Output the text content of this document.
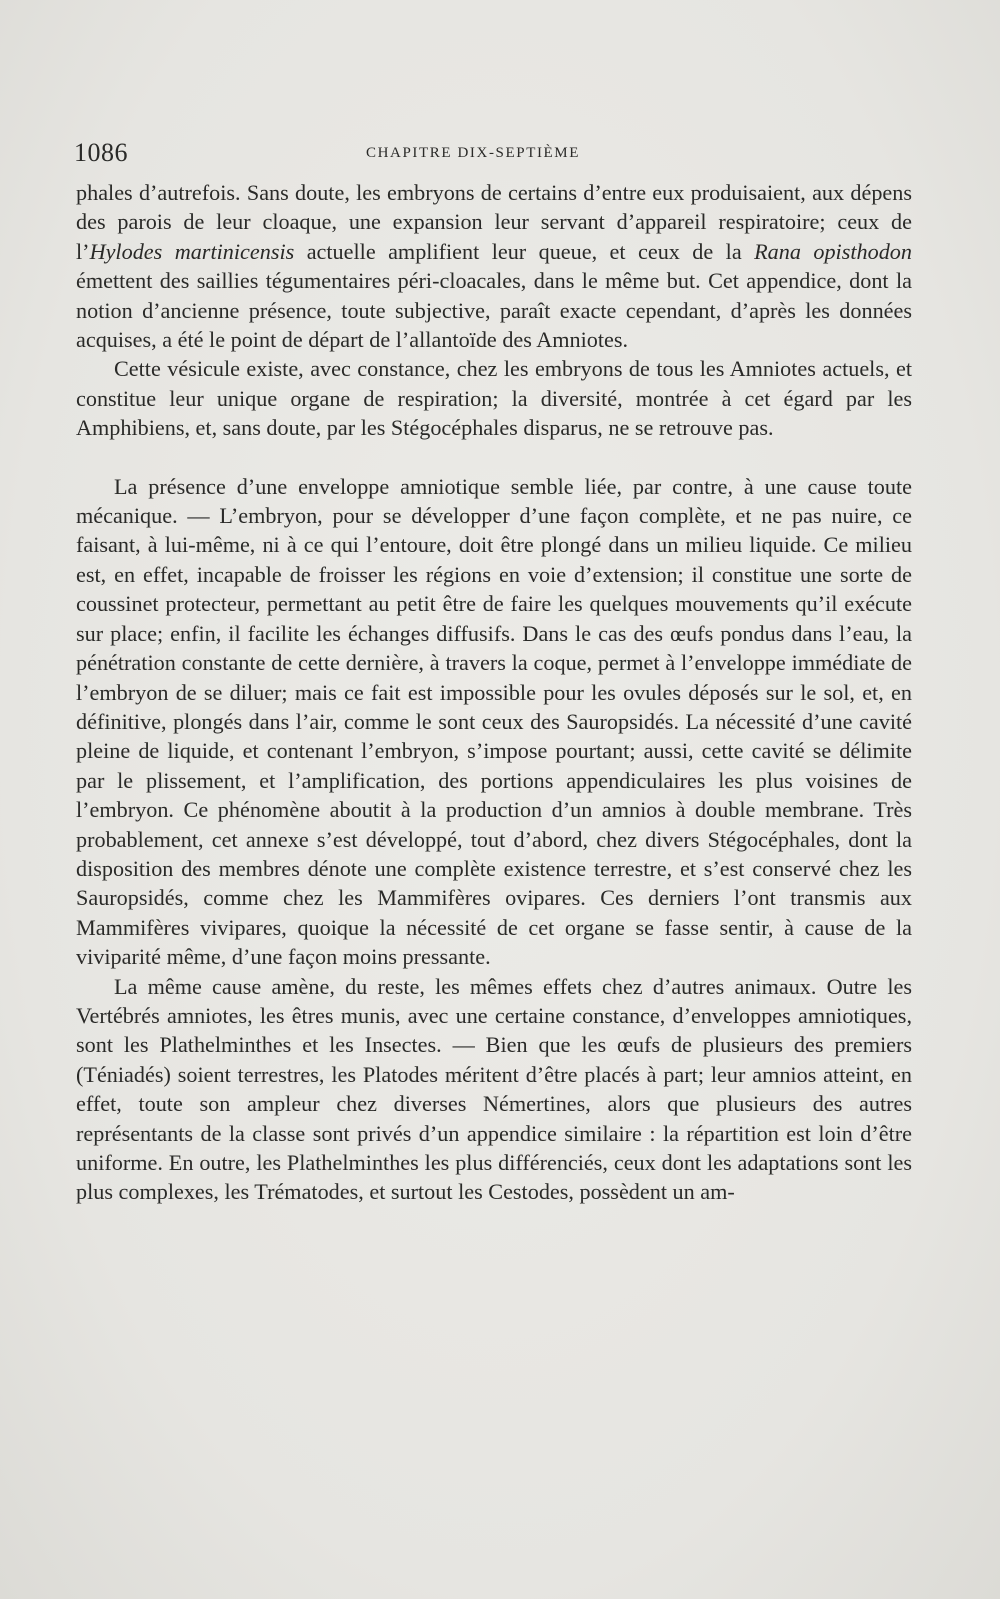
1086	CHAPITRE DIX-SEPTIÈME

phales d’autrefois. Sans doute, les embryons de certains d’entre eux produisaient, aux dépens des parois de leur cloaque, une expansion leur servant d’appareil respiratoire; ceux de l’Hylodes martinicensis actuelle amplifient leur queue, et ceux de la Rana opisthodon émettent des saillies tégumentaires péri-cloacales, dans le même but. Cet appendice, dont la notion d’ancienne présence, toute subjective, paraît exacte cependant, d’après les données acquises, a été le point de départ de l’allantoïde des Amniotes.

Cette vésicule existe, avec constance, chez les embryons de tous les Amniotes actuels, et constitue leur unique organe de respiration; la diversité, montrée à cet égard par les Amphibiens, et, sans doute, par les Stégocéphales disparus, ne se retrouve pas.

La présence d’une enveloppe amniotique semble liée, par contre, à une cause toute mécanique. — L’embryon, pour se développer d’une façon complète, et ne pas nuire, ce faisant, à lui-même, ni à ce qui l’entoure, doit être plongé dans un milieu liquide. Ce milieu est, en effet, incapable de froisser les régions en voie d’extension; il constitue une sorte de coussinet protecteur, permettant au petit être de faire les quelques mouvements qu’il exécute sur place; enfin, il facilite les échanges diffusifs. Dans le cas des œufs pondus dans l’eau, la pénétration constante de cette dernière, à travers la coque, permet à l’enveloppe immédiate de l’embryon de se diluer; mais ce fait est impossible pour les ovules déposés sur le sol, et, en définitive, plongés dans l’air, comme le sont ceux des Sauropsidés. La nécessité d’une cavité pleine de liquide, et contenant l’embryon, s’impose pourtant; aussi, cette cavité se délimite par le plissement, et l’amplification, des portions appendiculaires les plus voisines de l’embryon. Ce phénomène aboutit à la production d’un amnios à double membrane. Très probablement, cet annexe s’est développé, tout d’abord, chez divers Stégocéphales, dont la disposition des membres dénote une complète existence terrestre, et s’est conservé chez les Sauropsidés, comme chez les Mammifères ovipares. Ces derniers l’ont transmis aux Mammifères vivipares, quoique la nécessité de cet organe se fasse sentir, à cause de la viviparité même, d’une façon moins pressante.

La même cause amène, du reste, les mêmes effets chez d’autres animaux. Outre les Vertébrés amniotes, les êtres munis, avec une certaine constance, d’enveloppes amniotiques, sont les Plathelminthes et les Insectes. — Bien que les œufs de plusieurs des premiers (Téniadés) soient terrestres, les Platodes méritent d’être placés à part; leur amnios atteint, en effet, toute son ampleur chez diverses Némertines, alors que plusieurs des autres représentants de la classe sont privés d’un appendice similaire : la répartition est loin d’être uniforme. En outre, les Plathelminthes les plus différenciés, ceux dont les adaptations sont les plus complexes, les Trématodes, et surtout les Cestodes, possèdent un am-
